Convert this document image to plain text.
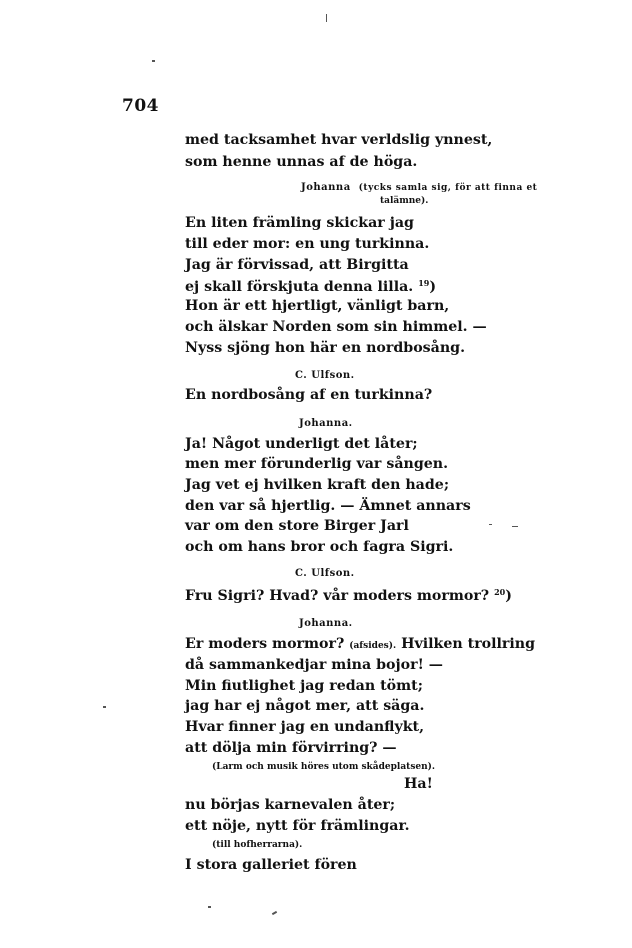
704
med tacksamhet hvar verldslig ynnest,
som henne unnas af de höga.
Johanna (tycks samla sig, för att finna et
talämne).
En liten främling skickar jag
till eder mor: en ung turkinna.
Jag är förvissad, att Birgitta
ej skall förskjuta denna lilla. $^{19}$)
Hon är ett hjertligt, vänligt barn,
och älskar Norden som sin himmel. —
Nyss sjöng hon här en nordbosång.
C. Ulfson.
En nordbosång af en turkinna?
Johanna.
Ja! Något underligt det låter;
men mer förunderlig var sången.
Jag vet ej hvilken kraft den hade;
den var så hjertlig. — Ämnet annars
var om den store Birger Jarl
och om hans bror och fagra Sigri.
C. Ulfson.
Fru Sigri? Hvad? vår moders mormor? $^{20}$)
Johanna.
Er moders mormor? (afsides). Hvilken trollring
då sammankedjar mina bojor! —
Min fiutlighet jag redan tömt;
jag har ej något mer, att säga.
Hvar finner jag en undanflykt,
att dölja min förvirring? —
(Larm och musik höres utom skådeplatsen).
Ha!
nu börjas karnevalen åter;
ett nöje, nytt för främlingar.
(till hofherrarna).
I stora galleriet fören
